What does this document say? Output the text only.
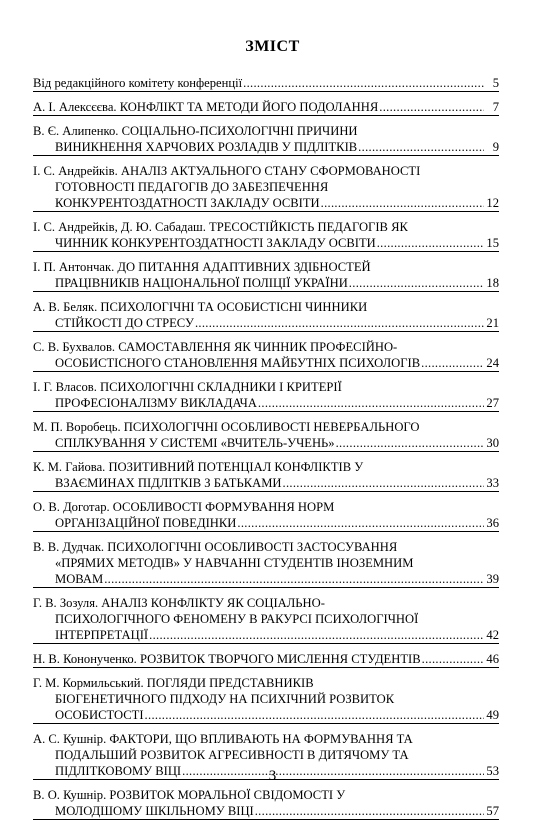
ЗМІСТ
Від редакційного комітету конференції .....	5
А. І. Алексєєва. КОНФЛІКТ ТА МЕТОДИ ЙОГО ПОДОЛАННЯ .....	7
В. Є. Алипенко. СОЦІАЛЬНО-ПСИХОЛОГІЧНІ ПРИЧИНИ
ВИНИКНЕННЯ ХАРЧОВИХ РОЗЛАДІВ У ПІДЛІТКІВ .....	9
І. С. Андрейків. АНАЛІЗ АКТУАЛЬНОГО СТАНУ СФОРМОВАНОСТІ
ГОТОВНОСТІ ПЕДАГОГІВ ДО ЗАБЕЗПЕЧЕННЯ
КОНКУРЕНТОЗДАТНОСТІ ЗАКЛАДУ ОСВІТИ .....	12
І. С. Андрейків, Д. Ю. Сабадаш. ТРЕСОСТІЙКІСТЬ ПЕДАГОГІВ ЯК
ЧИННИК КОНКУРЕНТОЗДАТНОСТІ ЗАКЛАДУ ОСВІТИ .....	15
І. П. Антончак. ДО ПИТАННЯ АДАПТИВНИХ ЗДІБНОСТЕЙ
ПРАЦІВНИКІВ НАЦІОНАЛЬНОЇ ПОЛІЦІЇ УКРАЇНИ .....	18
А. В. Беляк. ПСИХОЛОГІЧНІ ТА ОСОБИСТІСНІ ЧИННИКИ
СТІЙКОСТІ ДО СТРЕСУ .....	21
С. В. Бухвалов. САМОСТАВЛЕННЯ ЯК ЧИННИК ПРОФЕСІЙНО-
ОСОБИСТІСНОГО СТАНОВЛЕННЯ МАЙБУТНІХ ПСИХОЛОГІВ .....	24
І. Г. Власов. ПСИХОЛОГІЧНІ СКЛАДНИКИ І КРИТЕРІЇ
ПРОФЕСІОНАЛІЗМУ ВИКЛАДАЧА .....	27
М. П. Воробець. ПСИХОЛОГІЧНІ ОСОБЛИВОСТІ НЕВЕРБАЛЬНОГО
СПІЛКУВАННЯ У СИСТЕМІ «ВЧИТЕЛЬ-УЧЕНЬ» .....	30
К. М. Гайова. ПОЗИТИВНИЙ ПОТЕНЦІАЛ КОНФЛІКТІВ У
ВЗАЄМИНАХ ПІДЛІТКІВ З БАТЬКАМИ .....	33
О. В. Доготар. ОСОБЛИВОСТІ ФОРМУВАННЯ НОРМ
ОРГАНІЗАЦІЙНОЇ ПОВЕДІНКИ .....	36
В. В. Дудчак. ПСИХОЛОГІЧНІ ОСОБЛИВОСТІ ЗАСТОСУВАННЯ
«ПРЯМИХ МЕТОДІВ» У НАВЧАННІ СТУДЕНТІВ ІНОЗЕМНИМ
МОВАМ .....	39
Г. В. Зозуля. АНАЛІЗ КОНФЛІКТУ ЯК СОЦІАЛЬНО-
ПСИХОЛОГІЧНОГО ФЕНОМЕНУ В РАКУРСІ ПСИХОЛОГІЧНОЇ
ІНТЕРПРЕТАЦІЇ .....	42
Н. В. Кононученко. РОЗВИТОК ТВОРЧОГО МИСЛЕННЯ СТУДЕНТІВ .....	46
Г. М. Кормильський. ПОГЛЯДИ ПРЕДСТАВНИКІВ
БІОГЕНЕТИЧНОГО ПІДХОДУ НА ПСИХІЧНИЙ РОЗВИТОК
ОСОБИСТОСТІ .....	49
А. С. Кушнір. ФАКТОРИ, ЩО ВПЛИВАЮТЬ НА ФОРМУВАННЯ ТА
ПОДАЛЬШИЙ РОЗВИТОК АГРЕСИВНОСТІ В ДИТЯЧОМУ ТА
ПІДЛІТКОВОМУ ВІЦІ .....	53
В. О. Кушнір. РОЗВИТОК МОРАЛЬНОЇ СВІДОМОСТІ У
МОЛОДШОМУ ШКІЛЬНОМУ ВІЦІ .....	57
3
